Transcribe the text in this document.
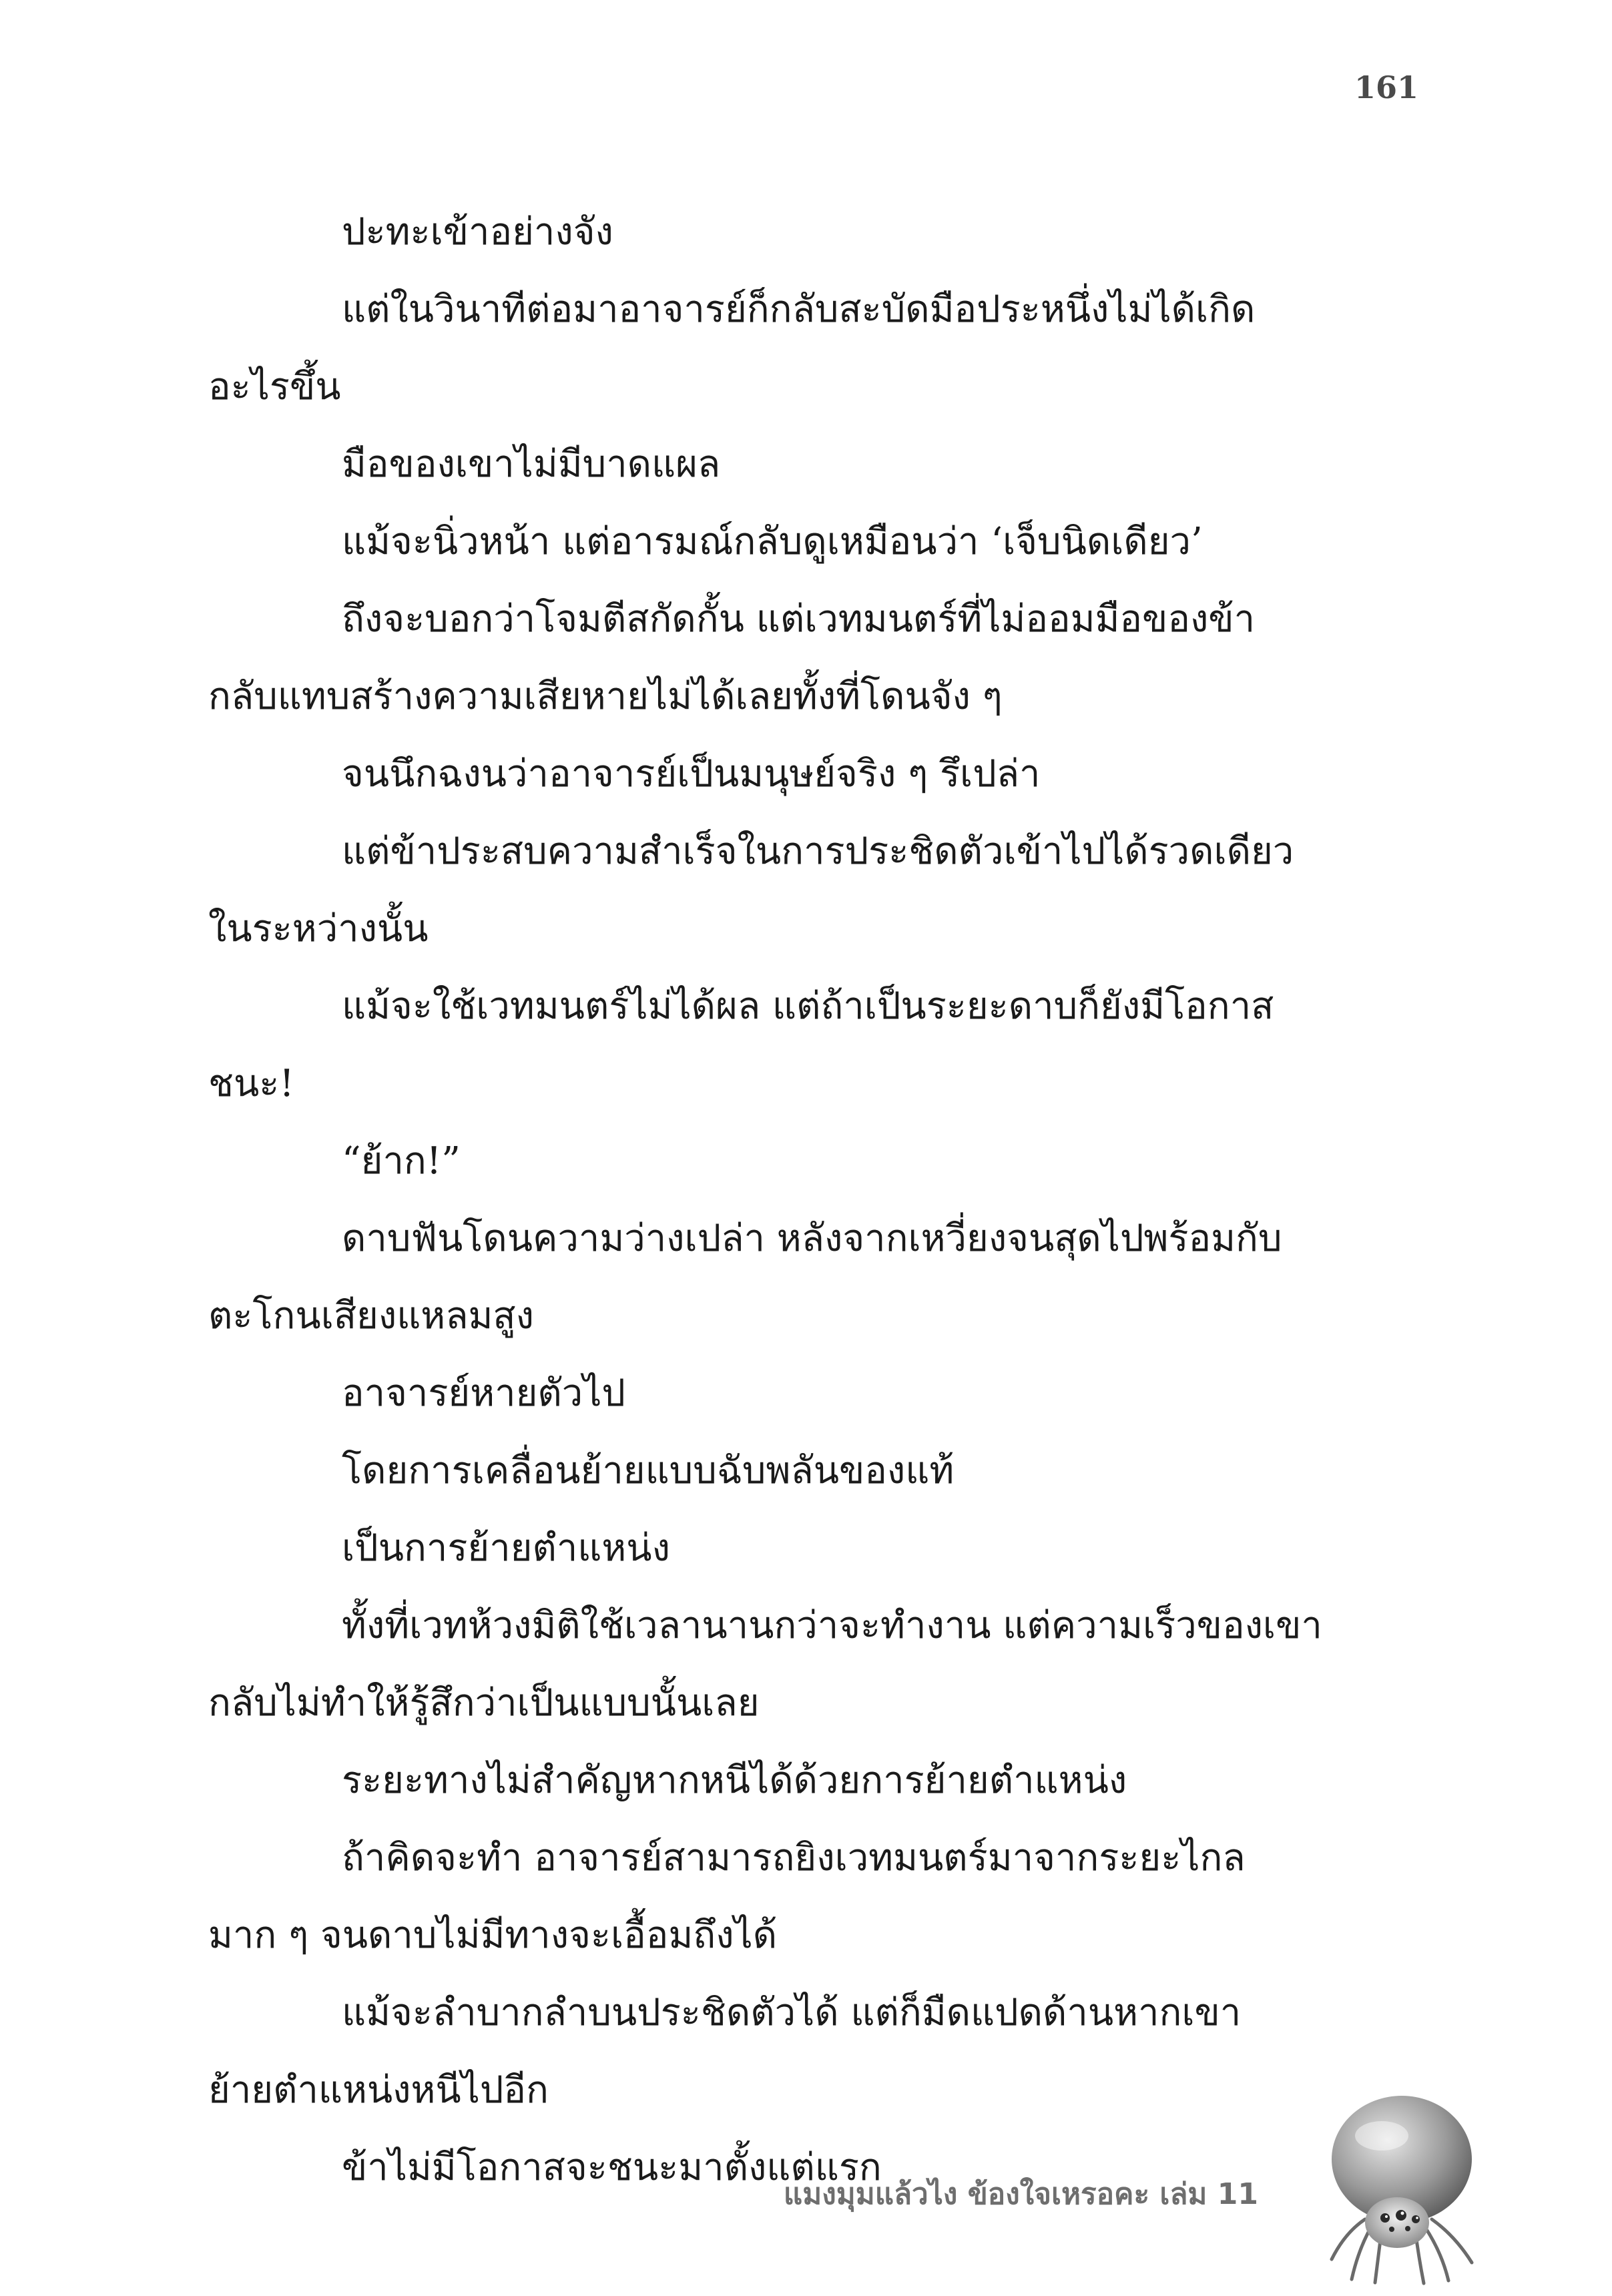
161
ปะทะเข้าอย่างจัง
แต่ในวินาทีต่อมาอาจารย์ก็กลับสะบัดมือประหนึ่งไม่ได้เกิด
อะไรขึ้น
มือของเขาไม่มีบาดแผล
แม้จะนิ่วหน้า แต่อารมณ์กลับดูเหมือนว่า ‘เจ็บนิดเดียว’
ถึงจะบอกว่าโจมตีสกัดกั้น แต่เวทมนตร์ที่ไม่ออมมือของข้า
กลับแทบสร้างความเสียหายไม่ได้เลยทั้งที่โดนจัง ๆ
จนนึกฉงนว่าอาจารย์เป็นมนุษย์จริง ๆ รึเปล่า
แต่ข้าประสบความสำเร็จในการประชิดตัวเข้าไปได้รวดเดียว
ในระหว่างนั้น
แม้จะใช้เวทมนตร์ไม่ได้ผล แต่ถ้าเป็นระยะดาบก็ยังมีโอกาส
ชนะ!
“ย้าก!”
ดาบฟันโดนความว่างเปล่า หลังจากเหวี่ยงจนสุดไปพร้อมกับ
ตะโกนเสียงแหลมสูง
อาจารย์หายตัวไป
โดยการเคลื่อนย้ายแบบฉับพลันของแท้
เป็นการย้ายตำแหน่ง
ทั้งที่เวทห้วงมิติใช้เวลานานกว่าจะทำงาน แต่ความเร็วของเขา
กลับไม่ทำให้รู้สึกว่าเป็นแบบนั้นเลย
ระยะทางไม่สำคัญหากหนีได้ด้วยการย้ายตำแหน่ง
ถ้าคิดจะทำ อาจารย์สามารถยิงเวทมนตร์มาจากระยะไกล
มาก ๆ จนดาบไม่มีทางจะเอื้อมถึงได้
แม้จะลำบากลำบนประชิดตัวได้ แต่ก็มืดแปดด้านหากเขา
ย้ายตำแหน่งหนีไปอีก
ข้าไม่มีโอกาสจะชนะมาตั้งแต่แรก
แมงมุมแล้วไง ข้องใจเหรอคะ เล่ม 11
